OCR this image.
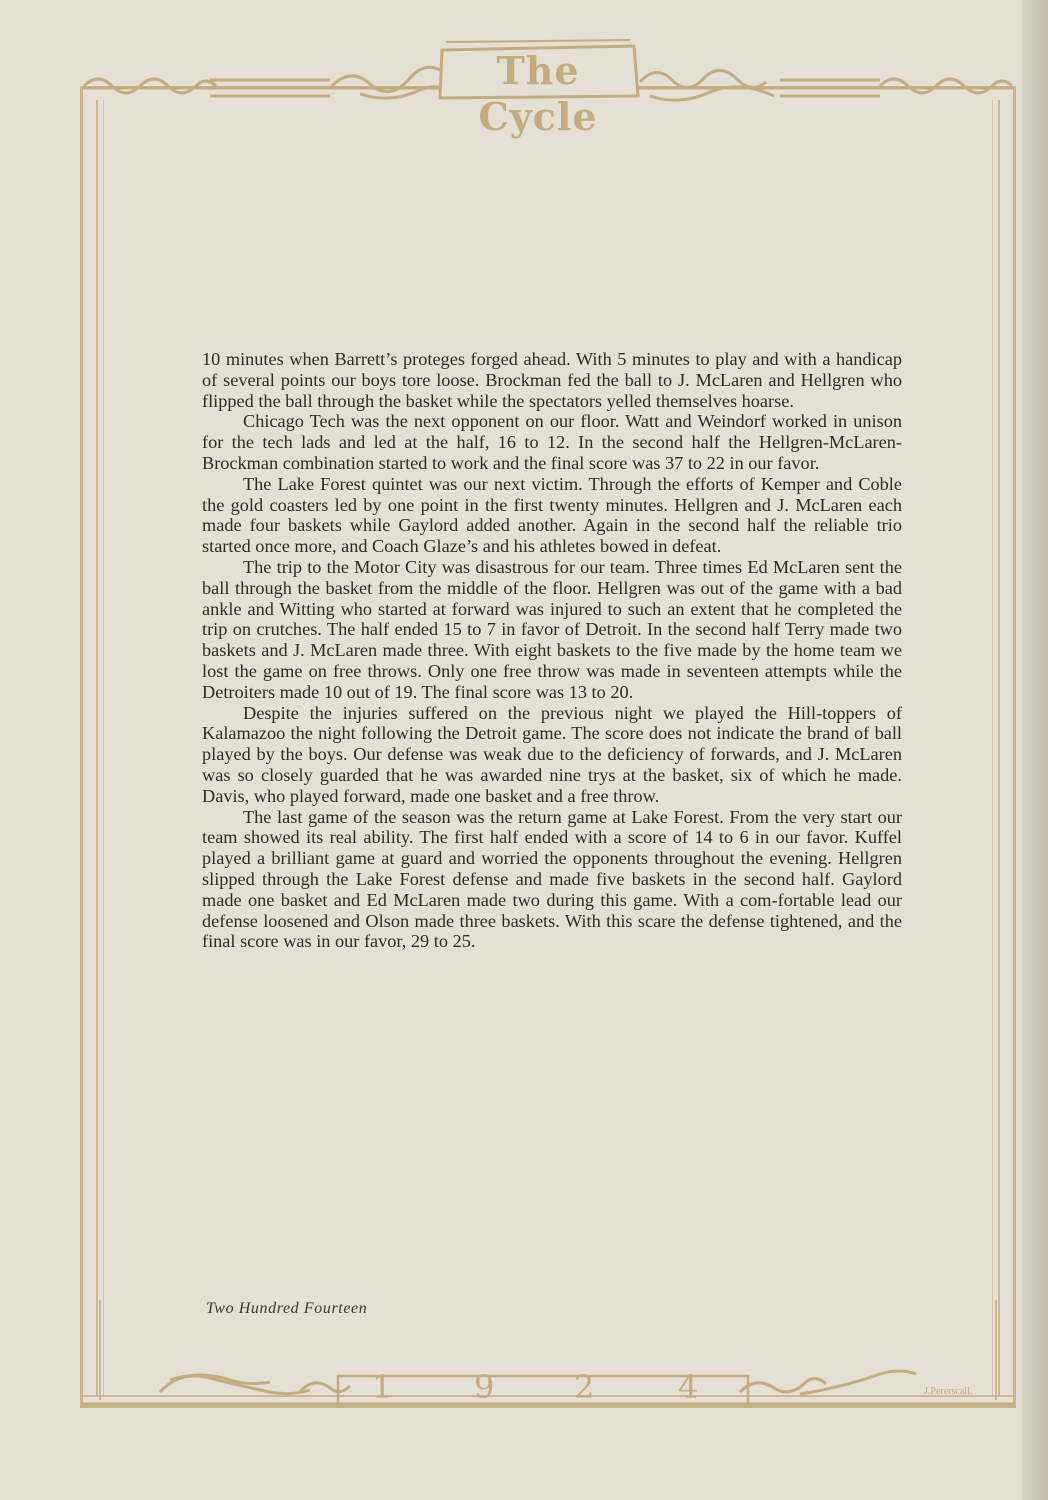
The Cycle
1	9 2	4	J.Pererscall.

10 minutes when Barrett’s proteges forged ahead. With 5 minutes to play and with a handicap of several points our boys tore loose. Brockman fed the ball to J. McLaren and Hellgren who flipped the ball through the basket while the spectators yelled themselves hoarse.

Chicago Tech was the next opponent on our floor. Watt and Weindorf worked in unison for the tech lads and led at the half, 16 to 12. In the second half the Hellgren-McLaren-Brockman combination started to work and the final score was 37 to 22 in our favor.

The Lake Forest quintet was our next victim. Through the efforts of Kemper and Coble the gold coasters led by one point in the first twenty minutes. Hellgren and J. McLaren each made four baskets while Gaylord added another. Again in the second half the reliable trio started once more, and Coach Glaze’s and his athletes bowed in defeat.

The trip to the Motor City was disastrous for our team. Three times Ed McLaren sent the ball through the basket from the middle of the floor. Hellgren was out of the game with a bad ankle and Witting who started at forward was injured to such an extent that he completed the trip on crutches. The half ended 15 to 7 in favor of Detroit. In the second half Terry made two baskets and J. McLaren made three. With eight baskets to the five made by the home team we lost the game on free throws. Only one free throw was made in seventeen attempts while the Detroiters made 10 out of 19. The final score was 13 to 20.

Despite the injuries suffered on the previous night we played the Hill-toppers of Kalamazoo the night following the Detroit game. The score does not indicate the brand of ball played by the boys. Our defense was weak due to the deficiency of forwards, and J. McLaren was so closely guarded that he was awarded nine trys at the basket, six of which he made. Davis, who played forward, made one basket and a free throw.

The last game of the season was the return game at Lake Forest. From the very start our team showed its real ability. The first half ended with a score of 14 to 6 in our favor. Kuffel played a brilliant game at guard and worried the opponents throughout the evening. Hellgren slipped through the Lake Forest defense and made five baskets in the second half. Gaylord made one basket and Ed McLaren made two during this game. With a com-fortable lead our defense loosened and Olson made three baskets. With this scare the defense tightened, and the final score was in our favor, 29 to 25.

Two Hundred Fourteen
